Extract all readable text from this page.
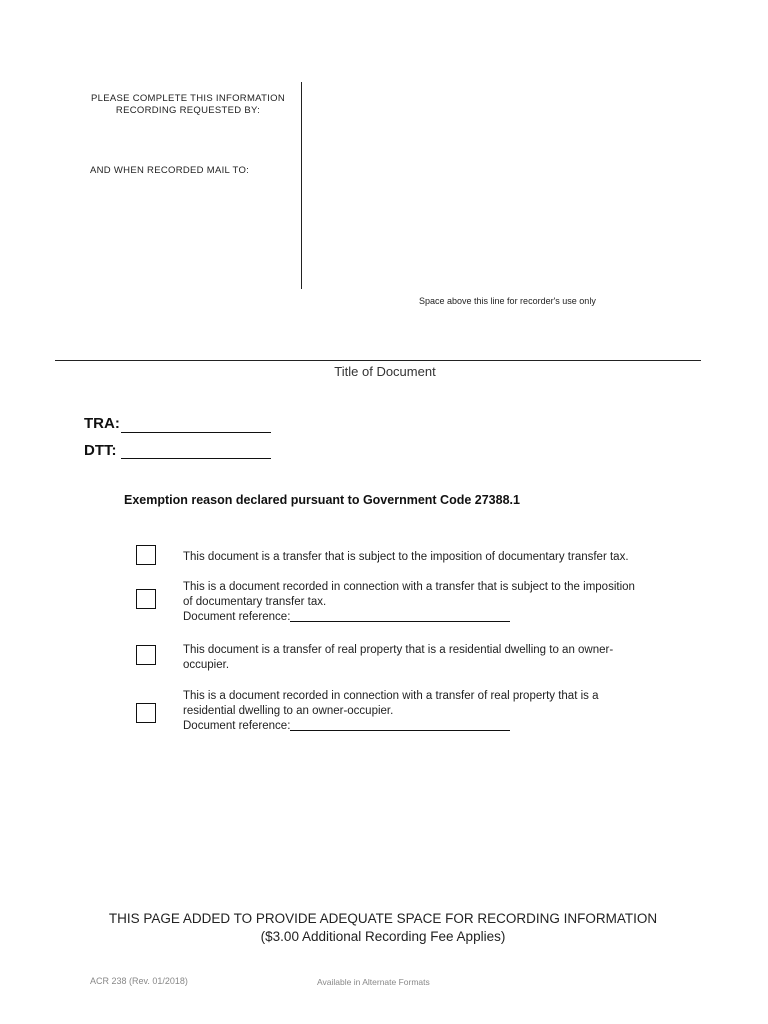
PLEASE COMPLETE THIS INFORMATION
RECORDING REQUESTED BY:
AND WHEN RECORDED MAIL TO:
Space above this line for recorder's use only
Title of Document
TRA:
DTT:
Exemption reason declared pursuant to Government Code 27388.1
This document is a transfer that is subject to the imposition of documentary transfer tax.
This is a document recorded in connection with a transfer that is subject to the imposition
of documentary transfer tax.
Document reference:
This document is a transfer of real property that is a residential dwelling to an owner-
occupier.
This is a document recorded in connection with a transfer of real property that is a
residential dwelling to an owner-occupier.
Document reference:
THIS PAGE ADDED TO PROVIDE ADEQUATE SPACE FOR RECORDING INFORMATION
($3.00 Additional Recording Fee Applies)
ACR 238 (Rev. 01/2018)	Available in Alternate Formats
